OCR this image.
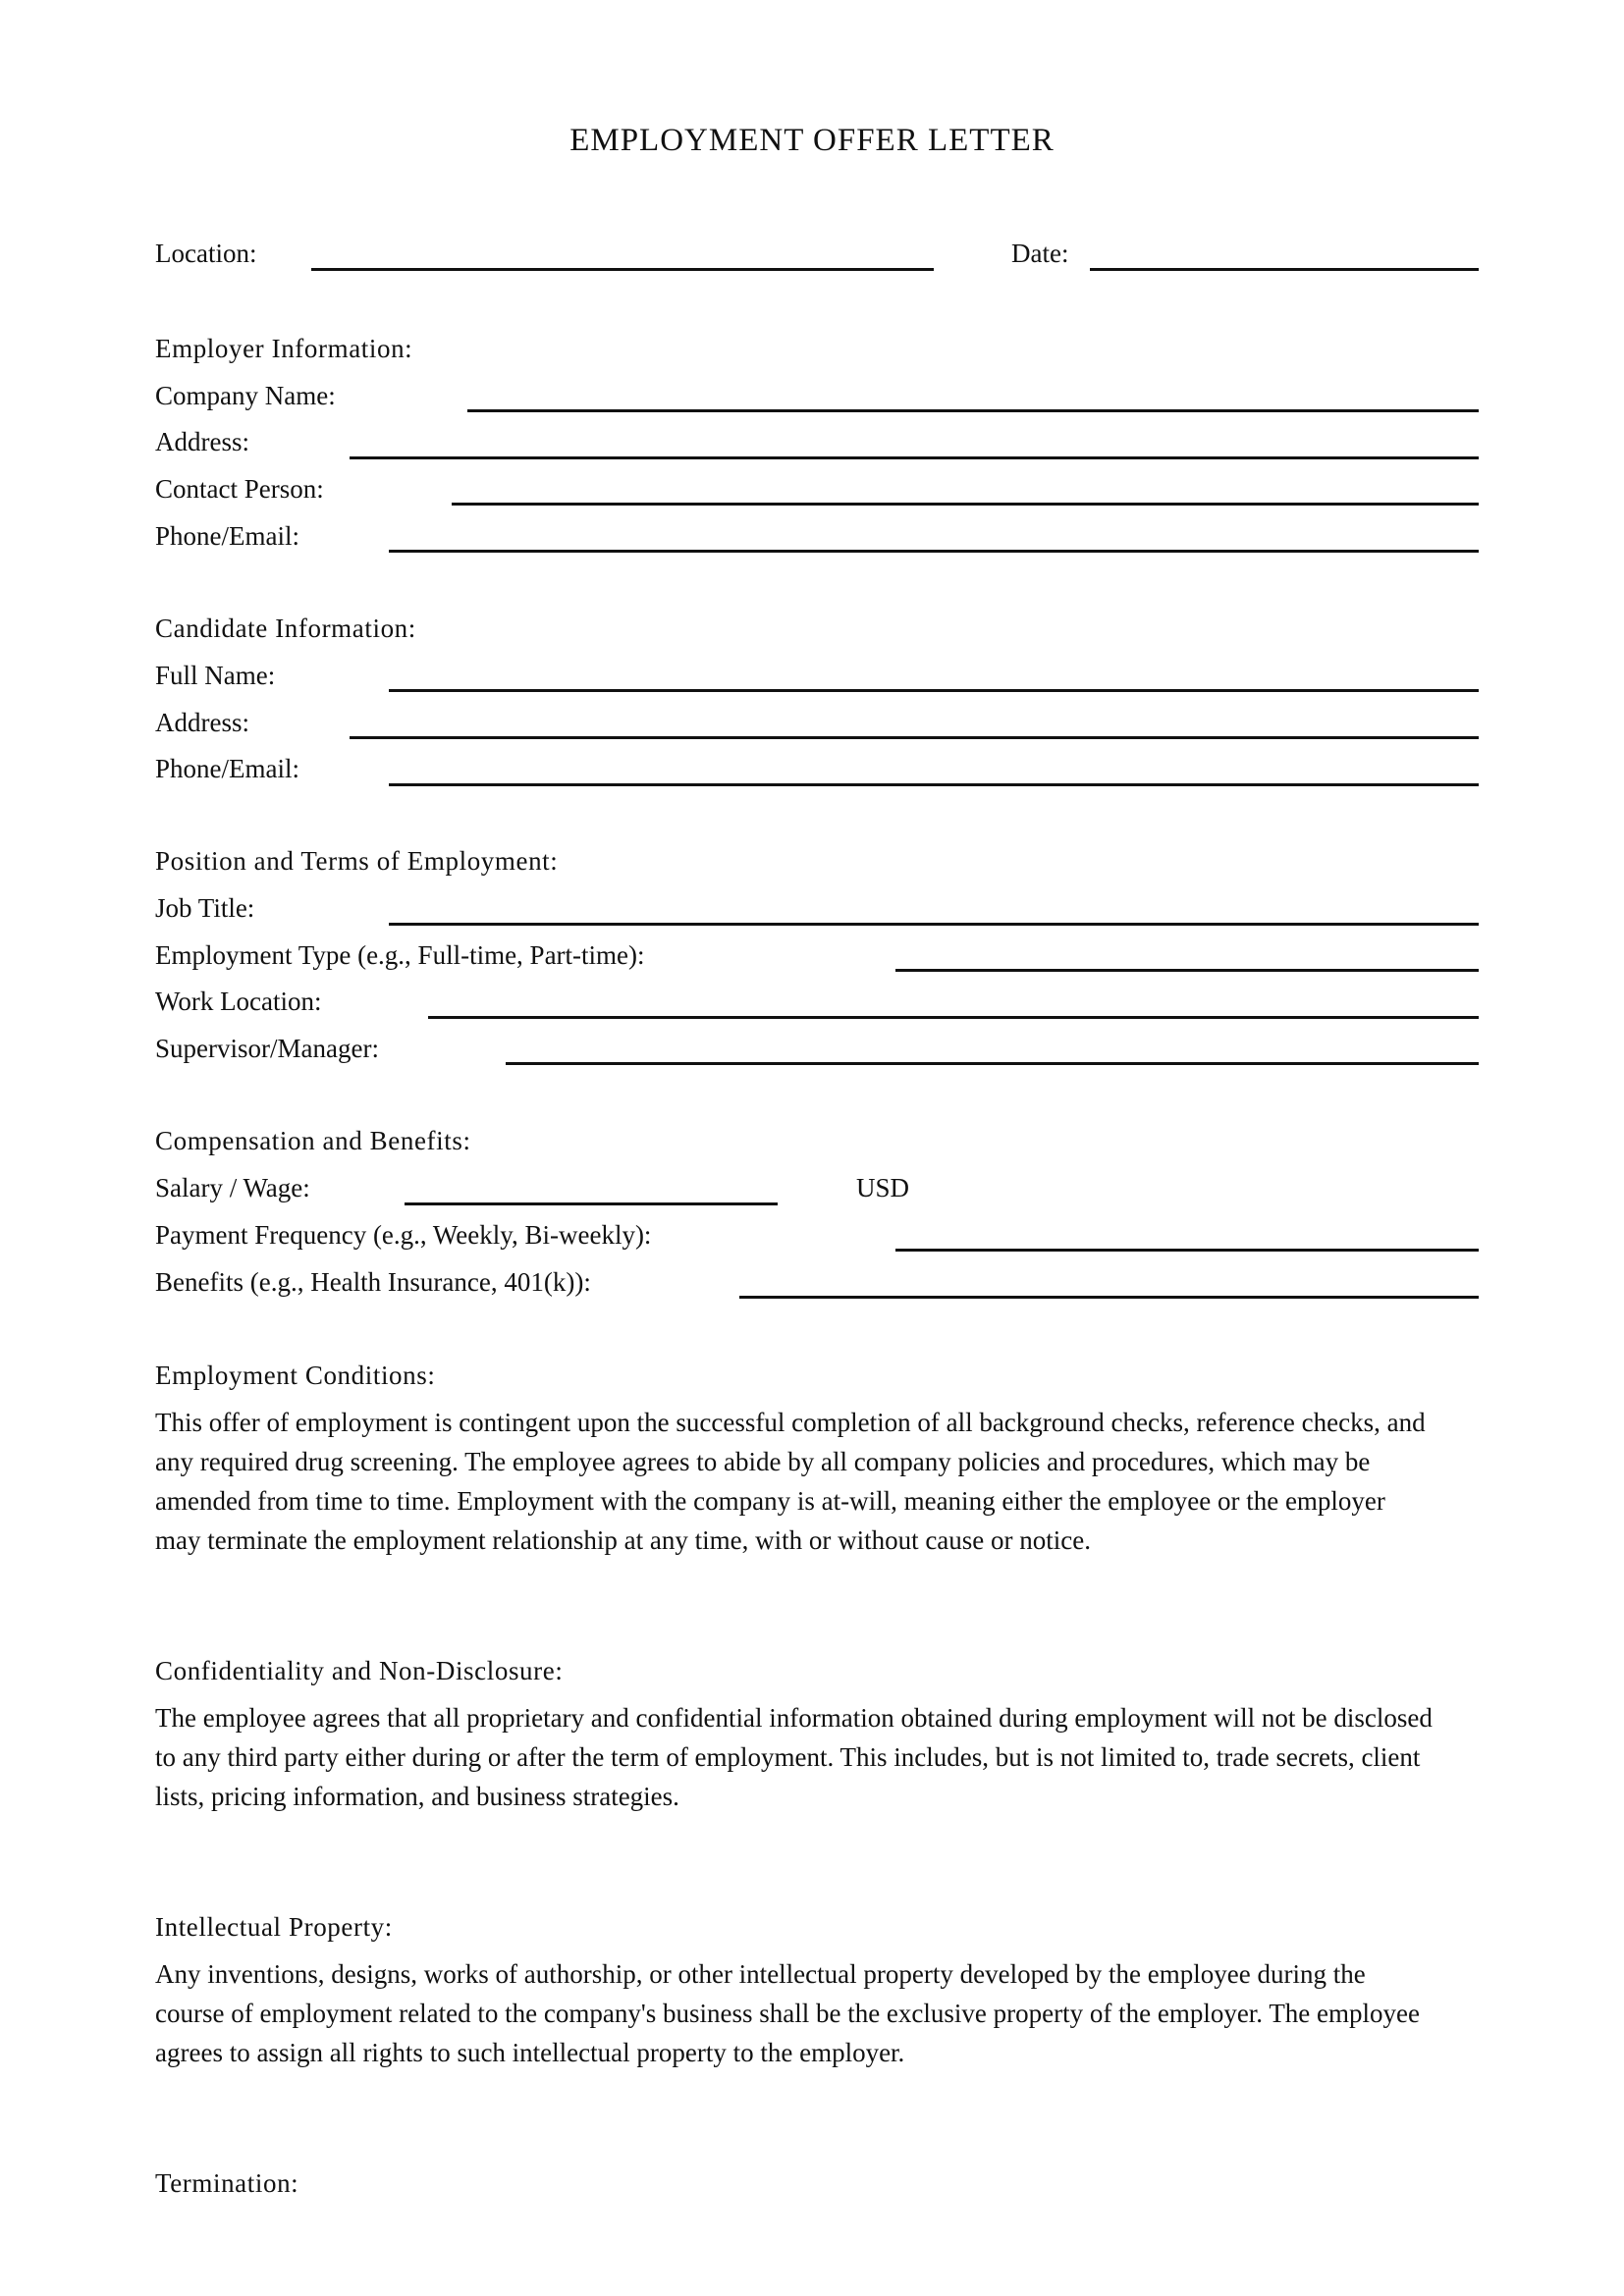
EMPLOYMENT OFFER LETTER
Location:	Date:
Employer Information:
Company Name:
Address:
Contact Person:
Phone/Email:
Candidate Information:
Full Name:
Address:
Phone/Email:
Position and Terms of Employment:
Job Title:
Employment Type (e.g., Full-time, Part-time):
Work Location:
Supervisor/Manager:
Compensation and Benefits:
Salary / Wage:	USD
Payment Frequency (e.g., Weekly, Bi-weekly):
Benefits (e.g., Health Insurance, 401(k)):
Employment Conditions:
This offer of employment is contingent upon the successful completion of all background checks, reference checks, and
any required drug screening. The employee agrees to abide by all company policies and procedures, which may be
amended from time to time. Employment with the company is at-will, meaning either the employee or the employer
may terminate the employment relationship at any time, with or without cause or notice.
Confidentiality and Non-Disclosure:
The employee agrees that all proprietary and confidential information obtained during employment will not be disclosed
to any third party either during or after the term of employment. This includes, but is not limited to, trade secrets, client
lists, pricing information, and business strategies.
Intellectual Property:
Any inventions, designs, works of authorship, or other intellectual property developed by the employee during the
course of employment related to the company's business shall be the exclusive property of the employer. The employee
agrees to assign all rights to such intellectual property to the employer.
Termination:
